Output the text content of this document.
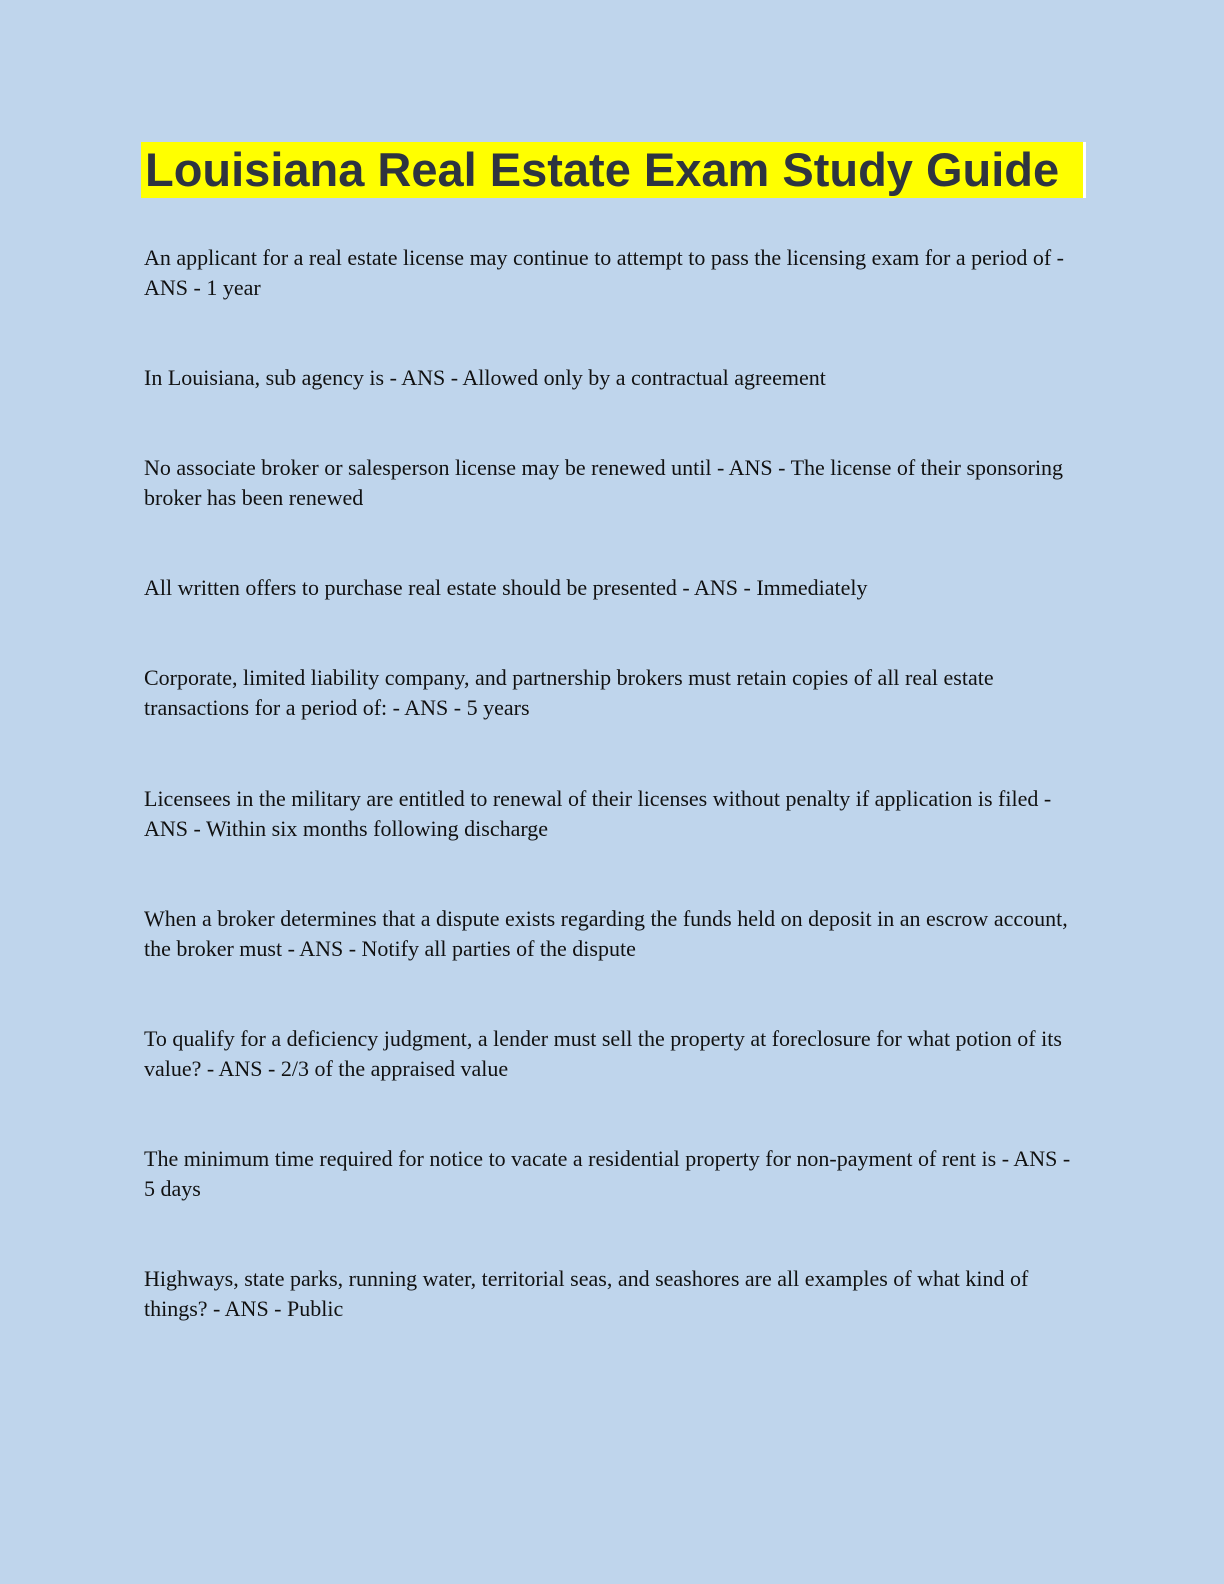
Louisiana Real Estate Exam Study Guide

An applicant for a real estate license may continue to attempt to pass the licensing exam for a period of - ANS - 1 year

In Louisiana, sub agency is - ANS - Allowed only by a contractual agreement

No associate broker or salesperson license may be renewed until - ANS - The license of their sponsoring broker has been renewed

All written offers to purchase real estate should be presented - ANS - Immediately

Corporate, limited liability company, and partnership brokers must retain copies of all real estate transactions for a period of: - ANS - 5 years

Licensees in the military are entitled to renewal of their licenses without penalty if application is filed - ANS - Within six months following discharge

When a broker determines that a dispute exists regarding the funds held on deposit in an escrow account, the broker must - ANS - Notify all parties of the dispute

To qualify for a deficiency judgment, a lender must sell the property at foreclosure for what potion of its value? - ANS - 2/3 of the appraised value

The minimum time required for notice to vacate a residential property for non-payment of rent is - ANS - 5 days

Highways, state parks, running water, territorial seas, and seashores are all examples of what kind of things? - ANS - Public
